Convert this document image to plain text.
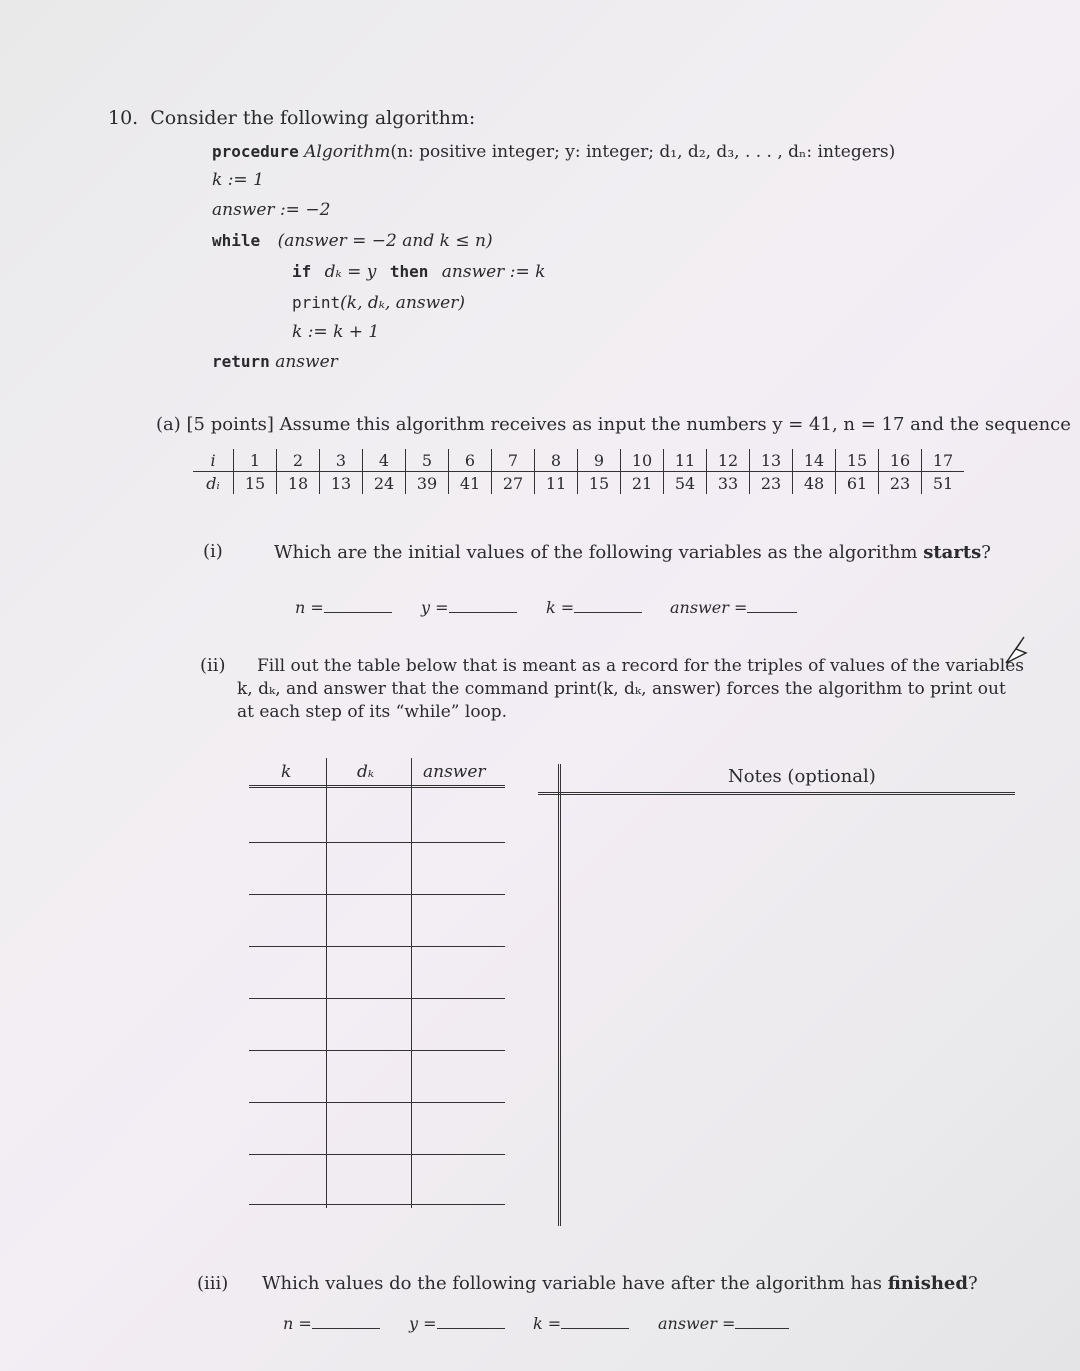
10. Consider the following algorithm:
procedure Algorithm(n: positive integer; y: integer; d₁, d₂, d₃, . . . , dₙ: integers)
k := 1
answer := −2
while (answer = −2 and k ≤ n)
if dₖ = y then answer := k
print(k, dₖ, answer)
k := k + 1
return answer
(a) [5 points] Assume this algorithm receives as input the numbers y = 41, n = 17 and the sequence
i	1	2	3	4	5	6	7	8	9	10	11	12	13	14	15	16	17
dᵢ	15	18	13	24	39	41	27	11	15	21	54	33	23	48	61	23	51
(i)	Which are the initial values of the following variables as the algorithm starts?
n =	y =	k =	answer =
(ii)	Fill out the table below that is meant as a record for the triples of values of the variables k, dₖ, and answer that the command print(k, dₖ, answer) forces the algorithm to print out at each step of its “while” loop.
k	dₖ	answer	Notes (optional)
(iii) Which values do the following variable have after the algorithm has finished?
n =	y =	k =	answer =
